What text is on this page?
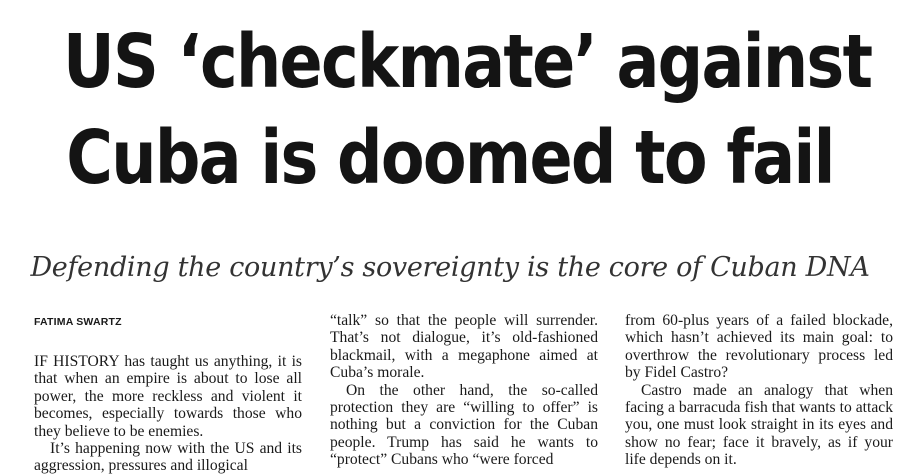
US ‘checkmate’ against
Cuba is doomed to fail
Defending the country’s sovereignty is the core of Cuban DNA
FATIMA SWARTZ

IF HISTORY has taught us anything, it is that when an empire is about to lose all power, the more reckless and violent it becomes, especially towards those who they believe to be enemies.

It’s happening now with the US and its aggression, pressures and illogical

“talk” so that the people will surrender. That’s not dialogue, it’s old-fashioned blackmail, with a megaphone aimed at Cuba’s morale.

On the other hand, the so-called protection they are “willing to offer” is nothing but a conviction for the Cuban people. Trump has said he wants to “protect” Cubans who “were forced

from 60-plus years of a failed blockade, which hasn’t achieved its main goal: to overthrow the revolutionary process led by Fidel Castro?

Castro made an analogy that when facing a barracuda fish that wants to attack you, one must look straight in its eyes and show no fear; face it bravely, as if your life depends on it.
